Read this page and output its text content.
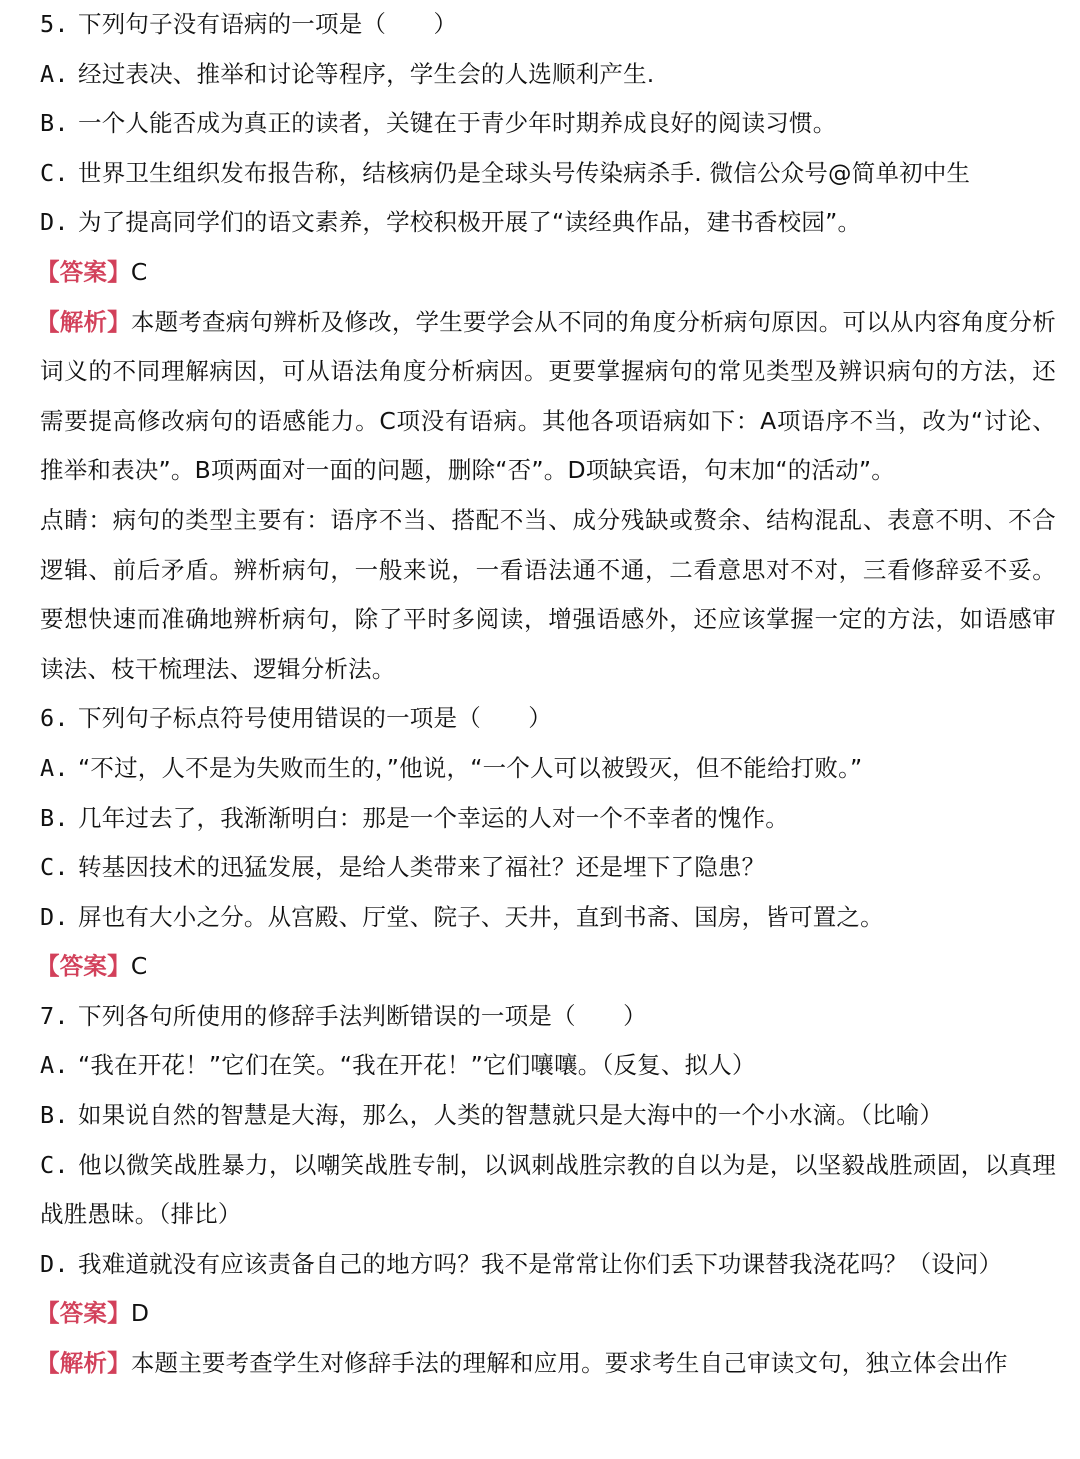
5. 下列句子没有语病的一项是（　　）
A. 经过表决、推举和讨论等程序，学生会的人选顺利产生.
B. 一个人能否成为真正的读者，关键在于青少年时期养成良好的阅读习惯。
C. 世界卫生组织发布报告称，结核病仍是全球头号传染病杀手. 微信公众号@简单初中生
D. 为了提高同学们的语文素养，学校积极开展了“读经典作品，建书香校园”。
【答案】C
【解析】本题考查病句辨析及修改，学生要学会从不同的角度分析病句原因。可以从内容角度分析词义的不同理解病因，可从语法角度分析病因。更要掌握病句的常见类型及辨识病句的方法，还需要提高修改病句的语感能力。C项没有语病。其他各项语病如下：A项语序不当，改为“讨论、推举和表决”。B项两面对一面的问题，删除“否”。D项缺宾语，句末加“的活动”。
点睛：病句的类型主要有：语序不当、搭配不当、成分残缺或赘余、结构混乱、表意不明、不合逻辑、前后矛盾。辨析病句，一般来说，一看语法通不通，二看意思对不对，三看修辞妥不妥。要想快速而准确地辨析病句，除了平时多阅读，增强语感外，还应该掌握一定的方法，如语感审读法、枝干梳理法、逻辑分析法。
6. 下列句子标点符号使用错误的一项是（　　）
A. “不过，人不是为失败而生的，”他说，“一个人可以被毁灭，但不能给打败。”
B. 几年过去了，我渐渐明白：那是一个幸运的人对一个不幸者的愧作。
C. 转基因技术的迅猛发展，是给人类带来了福社？还是埋下了隐患？
D. 屏也有大小之分。从宫殿、厅堂、院子、天井，直到书斋、国房，皆可置之。
【答案】C
7. 下列各句所使用的修辞手法判断错误的一项是（　　）
A. “我在开花！”它们在笑。“我在开花！”它们嚷嚷。（反复、拟人）
B. 如果说自然的智慧是大海，那么，人类的智慧就只是大海中的一个小水滴。（比喻）
C. 他以微笑战胜暴力，以嘲笑战胜专制，以讽刺战胜宗教的自以为是，以坚毅战胜顽固，以真理战胜愚昧。（排比）
D. 我难道就没有应该责备自己的地方吗？我不是常常让你们丢下功课替我浇花吗？（设问）
【答案】D
【解析】本题主要考查学生对修辞手法的理解和应用。要求考生自己审读文句，独立体会出作
